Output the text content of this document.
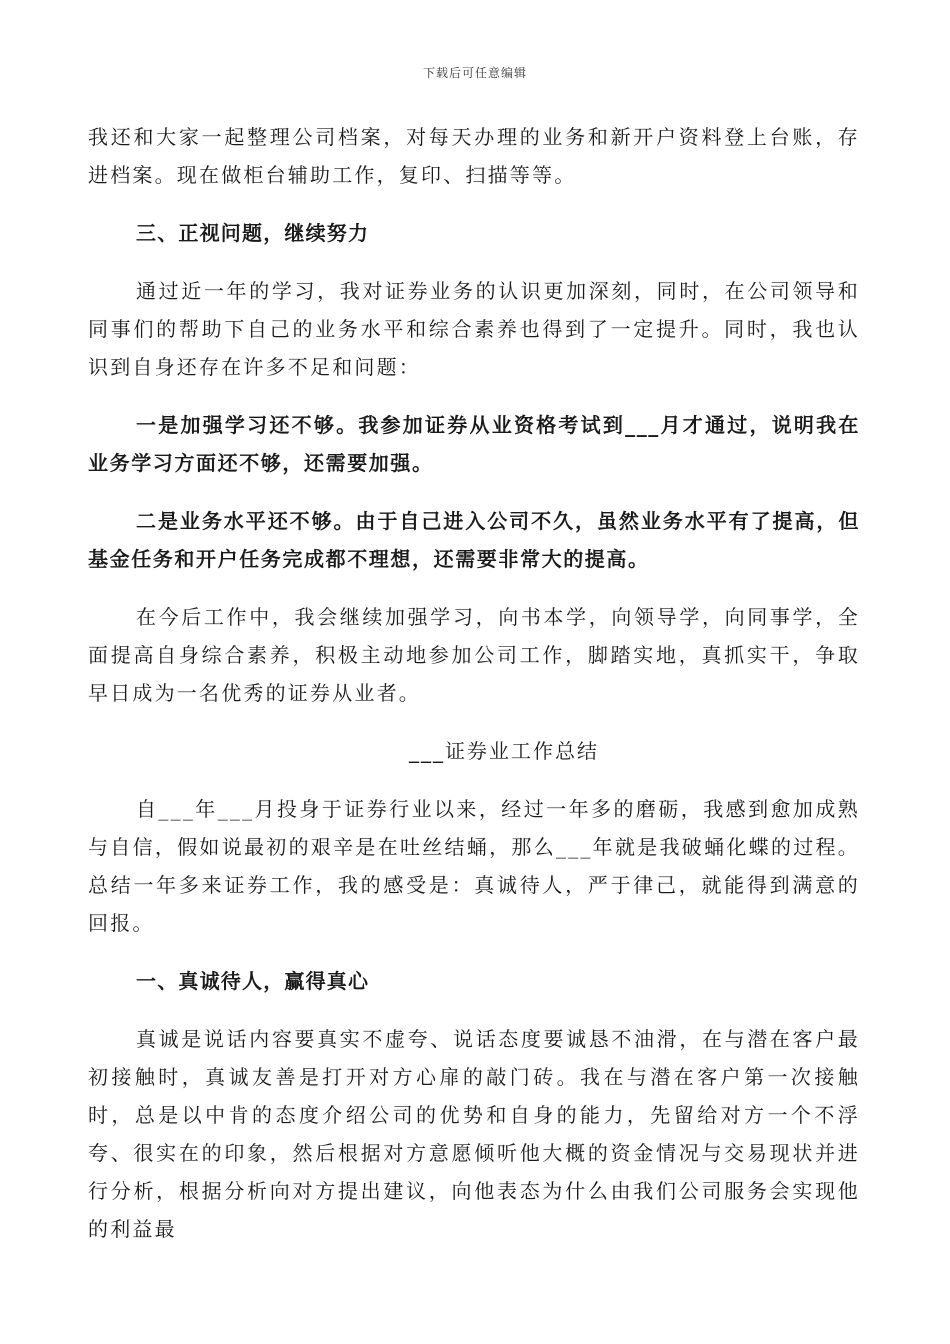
下载后可任意编辑

我还和大家一起整理公司档案，对每天办理的业务和新开户资料登上台账，存进档案。现在做柜台辅助工作，复印、扫描等等。

三、正视问题，继续努力

通过近一年的学习，我对证券业务的认识更加深刻，同时，在公司领导和同事们的帮助下自己的业务水平和综合素养也得到了一定提升。同时，我也认识到自身还存在许多不足和问题：

一是加强学习还不够。我参加证券从业资格考试到___月才通过，说明我在业务学习方面还不够，还需要加强。

二是业务水平还不够。由于自己进入公司不久，虽然业务水平有了提高，但基金任务和开户任务完成都不理想，还需要非常大的提高。

在今后工作中，我会继续加强学习，向书本学，向领导学，向同事学，全面提高自身综合素养，积极主动地参加公司工作，脚踏实地，真抓实干，争取早日成为一名优秀的证券从业者。

___证券业工作总结

自___年___月投身于证券行业以来，经过一年多的磨砺，我感到愈加成熟与自信，假如说最初的艰辛是在吐丝结蛹，那么___年就是我破蛹化蝶的过程。总结一年多来证券工作，我的感受是：真诚待人，严于律己，就能得到满意的回报。

一、真诚待人，赢得真心

真诚是说话内容要真实不虚夸、说话态度要诚恳不油滑，在与潜在客户最初接触时，真诚友善是打开对方心扉的敲门砖。我在与潜在客户第一次接触时，总是以中肯的态度介绍公司的优势和自身的能力，先留给对方一个不浮夸、很实在的印象，然后根据对方意愿倾听他大概的资金情况与交易现状并进行分析，根据分析向对方提出建议，向他表态为什么由我们公司服务会实现他的利益最
